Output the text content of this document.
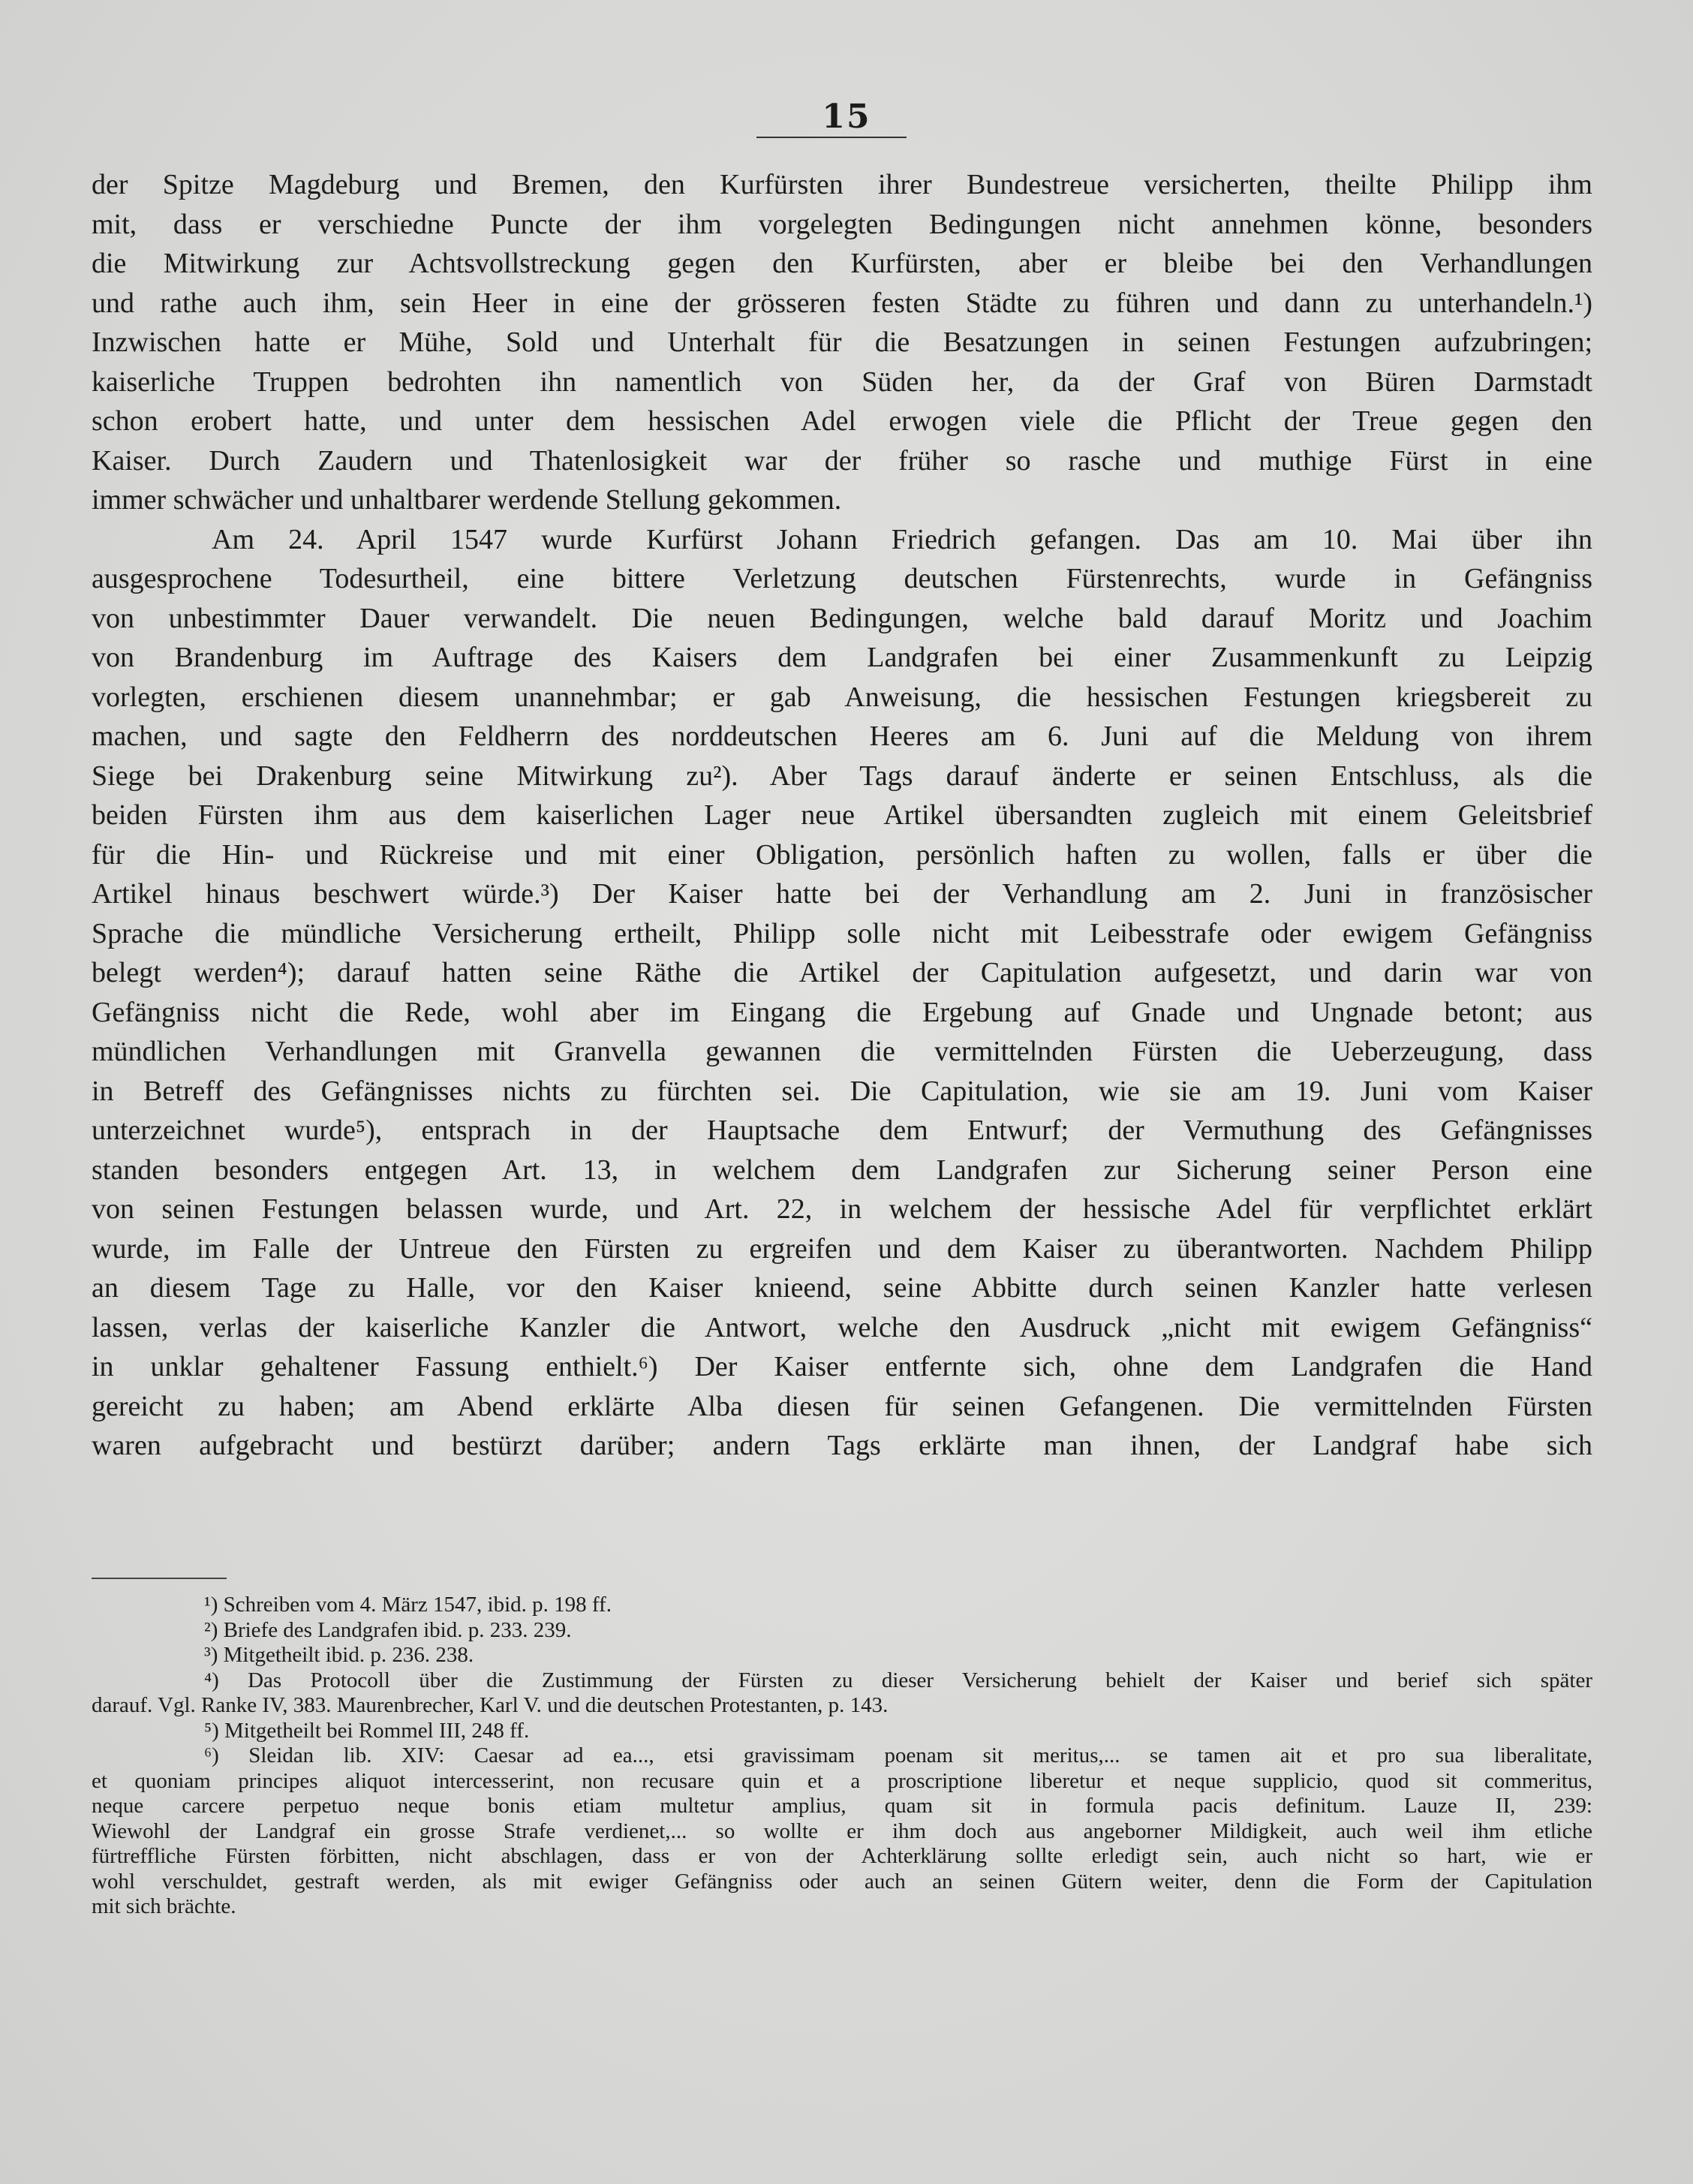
15
der Spitze Magdeburg und Bremen, den Kurfürsten ihrer Bundestreue versicherten, theilte Philipp ihm
mit, dass er verschiedne Puncte der ihm vorgelegten Bedingungen nicht annehmen könne, besonders
die Mitwirkung zur Achtsvollstreckung gegen den Kurfürsten, aber er bleibe bei den Verhandlungen
und rathe auch ihm, sein Heer in eine der grösseren festen Städte zu führen und dann zu unterhandeln.¹)
Inzwischen hatte er Mühe, Sold und Unterhalt für die Besatzungen in seinen Festungen aufzubringen;
kaiserliche Truppen bedrohten ihn namentlich von Süden her, da der Graf von Büren Darmstadt
schon erobert hatte, und unter dem hessischen Adel erwogen viele die Pflicht der Treue gegen den
Kaiser. Durch Zaudern und Thatenlosigkeit war der früher so rasche und muthige Fürst in eine
immer schwächer und unhaltbarer werdende Stellung gekommen.
Am 24. April 1547 wurde Kurfürst Johann Friedrich gefangen. Das am 10. Mai über ihn
ausgesprochene Todesurtheil, eine bittere Verletzung deutschen Fürstenrechts, wurde in Gefängniss
von unbestimmter Dauer verwandelt. Die neuen Bedingungen, welche bald darauf Moritz und Joachim
von Brandenburg im Auftrage des Kaisers dem Landgrafen bei einer Zusammenkunft zu Leipzig
vorlegten, erschienen diesem unannehmbar; er gab Anweisung, die hessischen Festungen kriegsbereit zu
machen, und sagte den Feldherrn des norddeutschen Heeres am 6. Juni auf die Meldung von ihrem
Siege bei Drakenburg seine Mitwirkung zu²). Aber Tags darauf änderte er seinen Entschluss, als die
beiden Fürsten ihm aus dem kaiserlichen Lager neue Artikel übersandten zugleich mit einem Geleitsbrief
für die Hin- und Rückreise und mit einer Obligation, persönlich haften zu wollen, falls er über die
Artikel hinaus beschwert würde.³) Der Kaiser hatte bei der Verhandlung am 2. Juni in französischer
Sprache die mündliche Versicherung ertheilt, Philipp solle nicht mit Leibesstrafe oder ewigem Gefängniss
belegt werden⁴); darauf hatten seine Räthe die Artikel der Capitulation aufgesetzt, und darin war von
Gefängniss nicht die Rede, wohl aber im Eingang die Ergebung auf Gnade und Ungnade betont; aus
mündlichen Verhandlungen mit Granvella gewannen die vermittelnden Fürsten die Ueberzeugung, dass
in Betreff des Gefängnisses nichts zu fürchten sei. Die Capitulation, wie sie am 19. Juni vom Kaiser
unterzeichnet wurde⁵), entsprach in der Hauptsache dem Entwurf; der Vermuthung des Gefängnisses
standen besonders entgegen Art. 13, in welchem dem Landgrafen zur Sicherung seiner Person eine
von seinen Festungen belassen wurde, und Art. 22, in welchem der hessische Adel für verpflichtet erklärt
wurde, im Falle der Untreue den Fürsten zu ergreifen und dem Kaiser zu überantworten. Nachdem Philipp
an diesem Tage zu Halle, vor den Kaiser knieend, seine Abbitte durch seinen Kanzler hatte verlesen
lassen, verlas der kaiserliche Kanzler die Antwort, welche den Ausdruck „nicht mit ewigem Gefängniss“
in unklar gehaltener Fassung enthielt.⁶) Der Kaiser entfernte sich, ohne dem Landgrafen die Hand
gereicht zu haben; am Abend erklärte Alba diesen für seinen Gefangenen. Die vermittelnden Fürsten
waren aufgebracht und bestürzt darüber; andern Tags erklärte man ihnen, der Landgraf habe sich
¹) Schreiben vom 4. März 1547, ibid. p. 198 ff.
²) Briefe des Landgrafen ibid. p. 233. 239.
³) Mitgetheilt ibid. p. 236. 238.
⁴) Das Protocoll über die Zustimmung der Fürsten zu dieser Versicherung behielt der Kaiser und berief sich später
darauf. Vgl. Ranke IV, 383. Maurenbrecher, Karl V. und die deutschen Protestanten, p. 143.
⁵) Mitgetheilt bei Rommel III, 248 ff.
⁶) Sleidan lib. XIV: Caesar ad ea..., etsi gravissimam poenam sit meritus,... se tamen ait et pro sua liberalitate,
et quoniam principes aliquot intercesserint, non recusare quin et a proscriptione liberetur et neque supplicio, quod sit commeritus,
neque carcere perpetuo neque bonis etiam multetur amplius, quam sit in formula pacis definitum. Lauze II, 239:
Wiewohl der Landgraf ein grosse Strafe verdienet,... so wollte er ihm doch aus angeborner Mildigkeit, auch weil ihm etliche
fürtreffliche Fürsten förbitten, nicht abschlagen, dass er von der Achterklärung sollte erledigt sein, auch nicht so hart, wie er
wohl verschuldet, gestraft werden, als mit ewiger Gefängniss oder auch an seinen Gütern weiter, denn die Form der Capitulation
mit sich brächte.
